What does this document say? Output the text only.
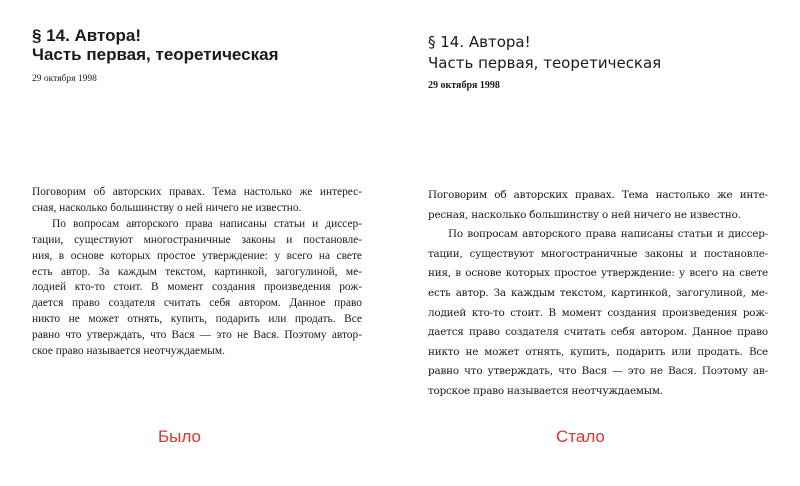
§ 14. Автора!
Часть первая, теоретическая
29 октября 1998
Поговорим об авторских правах. Тема настолько же интерес-
сная, насколько большинству о ней ничего не известно.
По вопросам авторского права написаны статьи и диссер-
тации, существуют многостраничные законы и постановле-
ния, в основе которых простое утверждение: у всего на свете
есть автор. За каждым текстом, картинкой, загогулиной, ме-
лодией кто-то стоит. В момент создания произведения рож-
дается право создателя считать себя автором. Данное право
никто не может отнять, купить, подарить или продать. Все
равно что утверждать, что Вася — это не Вася. Поэтому автор-
ское право называется неотчуждаемым.
§ 14. Автора!
Часть первая, теоретическая
29 октября 1998
Поговорим об авторских правах. Тема настолько же инте-
ресная, насколько большинству о ней ничего не известно.
По вопросам авторского права написаны статьи и диссер-
тации, существуют многостраничные законы и постановле-
ния, в основе которых простое утверждение: у всего на свете
есть автор. За каждым текстом, картинкой, загогулиной, ме-
лодией кто-то стоит. В момент создания произведения рож-
дается право создателя считать себя автором. Данное право
никто не может отнять, купить, подарить или продать. Все
равно что утверждать, что Вася — это не Вася. Поэтому ав-
торское право называется неотчуждаемым.
Было	Стало
